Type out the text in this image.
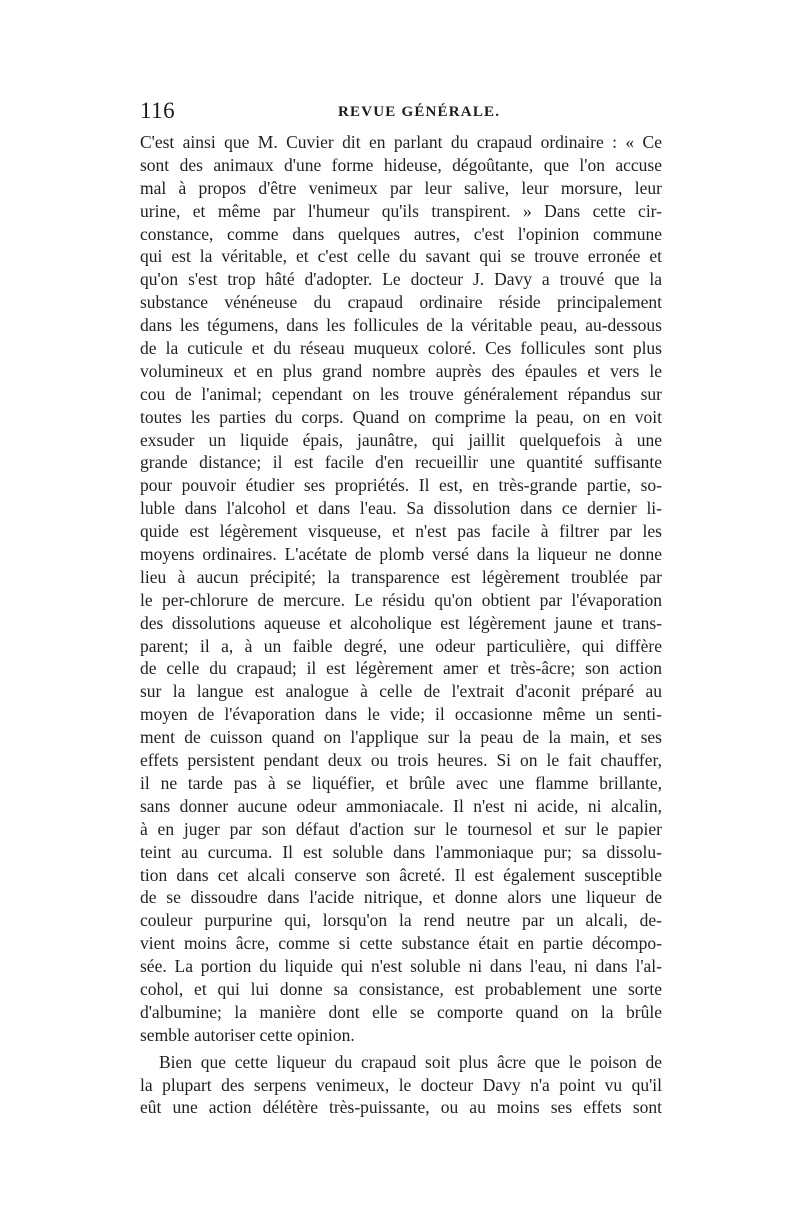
116	REVUE GÉNÉRALE.
C'est ainsi que M. Cuvier dit en parlant du crapaud ordinaire : « Ce
sont des animaux d'une forme hideuse, dégoûtante, que l'on accuse
mal à propos d'être venimeux par leur salive, leur morsure, leur
urine, et même par l'humeur qu'ils transpirent. » Dans cette cir-
constance, comme dans quelques autres, c'est l'opinion commune
qui est la véritable, et c'est celle du savant qui se trouve erronée et
qu'on s'est trop hâté d'adopter. Le docteur J. Davy a trouvé que la
substance vénéneuse du crapaud ordinaire réside principalement
dans les tégumens, dans les follicules de la véritable peau, au-dessous
de la cuticule et du réseau muqueux coloré. Ces follicules sont plus
volumineux et en plus grand nombre auprès des épaules et vers le
cou de l'animal; cependant on les trouve généralement répandus sur
toutes les parties du corps. Quand on comprime la peau, on en voit
exsuder un liquide épais, jaunâtre, qui jaillit quelquefois à une
grande distance; il est facile d'en recueillir une quantité suffisante
pour pouvoir étudier ses propriétés. Il est, en très-grande partie, so-
luble dans l'alcohol et dans l'eau. Sa dissolution dans ce dernier li-
quide est légèrement visqueuse, et n'est pas facile à filtrer par les
moyens ordinaires. L'acétate de plomb versé dans la liqueur ne donne
lieu à aucun précipité; la transparence est légèrement troublée par
le per-chlorure de mercure. Le résidu qu'on obtient par l'évaporation
des dissolutions aqueuse et alcoholique est légèrement jaune et trans-
parent; il a, à un faible degré, une odeur particulière, qui diffère
de celle du crapaud; il est légèrement amer et très-âcre; son action
sur la langue est analogue à celle de l'extrait d'aconit préparé au
moyen de l'évaporation dans le vide; il occasionne même un senti-
ment de cuisson quand on l'applique sur la peau de la main, et ses
effets persistent pendant deux ou trois heures. Si on le fait chauffer,
il ne tarde pas à se liquéfier, et brûle avec une flamme brillante,
sans donner aucune odeur ammoniacale. Il n'est ni acide, ni alcalin,
à en juger par son défaut d'action sur le tournesol et sur le papier
teint au curcuma. Il est soluble dans l'ammoniaque pur; sa dissolu-
tion dans cet alcali conserve son âcreté. Il est également susceptible
de se dissoudre dans l'acide nitrique, et donne alors une liqueur de
couleur purpurine qui, lorsqu'on la rend neutre par un alcali, de-
vient moins âcre, comme si cette substance était en partie décompo-
sée. La portion du liquide qui n'est soluble ni dans l'eau, ni dans l'al-
cohol, et qui lui donne sa consistance, est probablement une sorte
d'albumine; la manière dont elle se comporte quand on la brûle
semble autoriser cette opinion.
Bien que cette liqueur du crapaud soit plus âcre que le poison de
la plupart des serpens venimeux, le docteur Davy n'a point vu qu'il
eût une action délétère très-puissante, ou au moins ses effets sont
